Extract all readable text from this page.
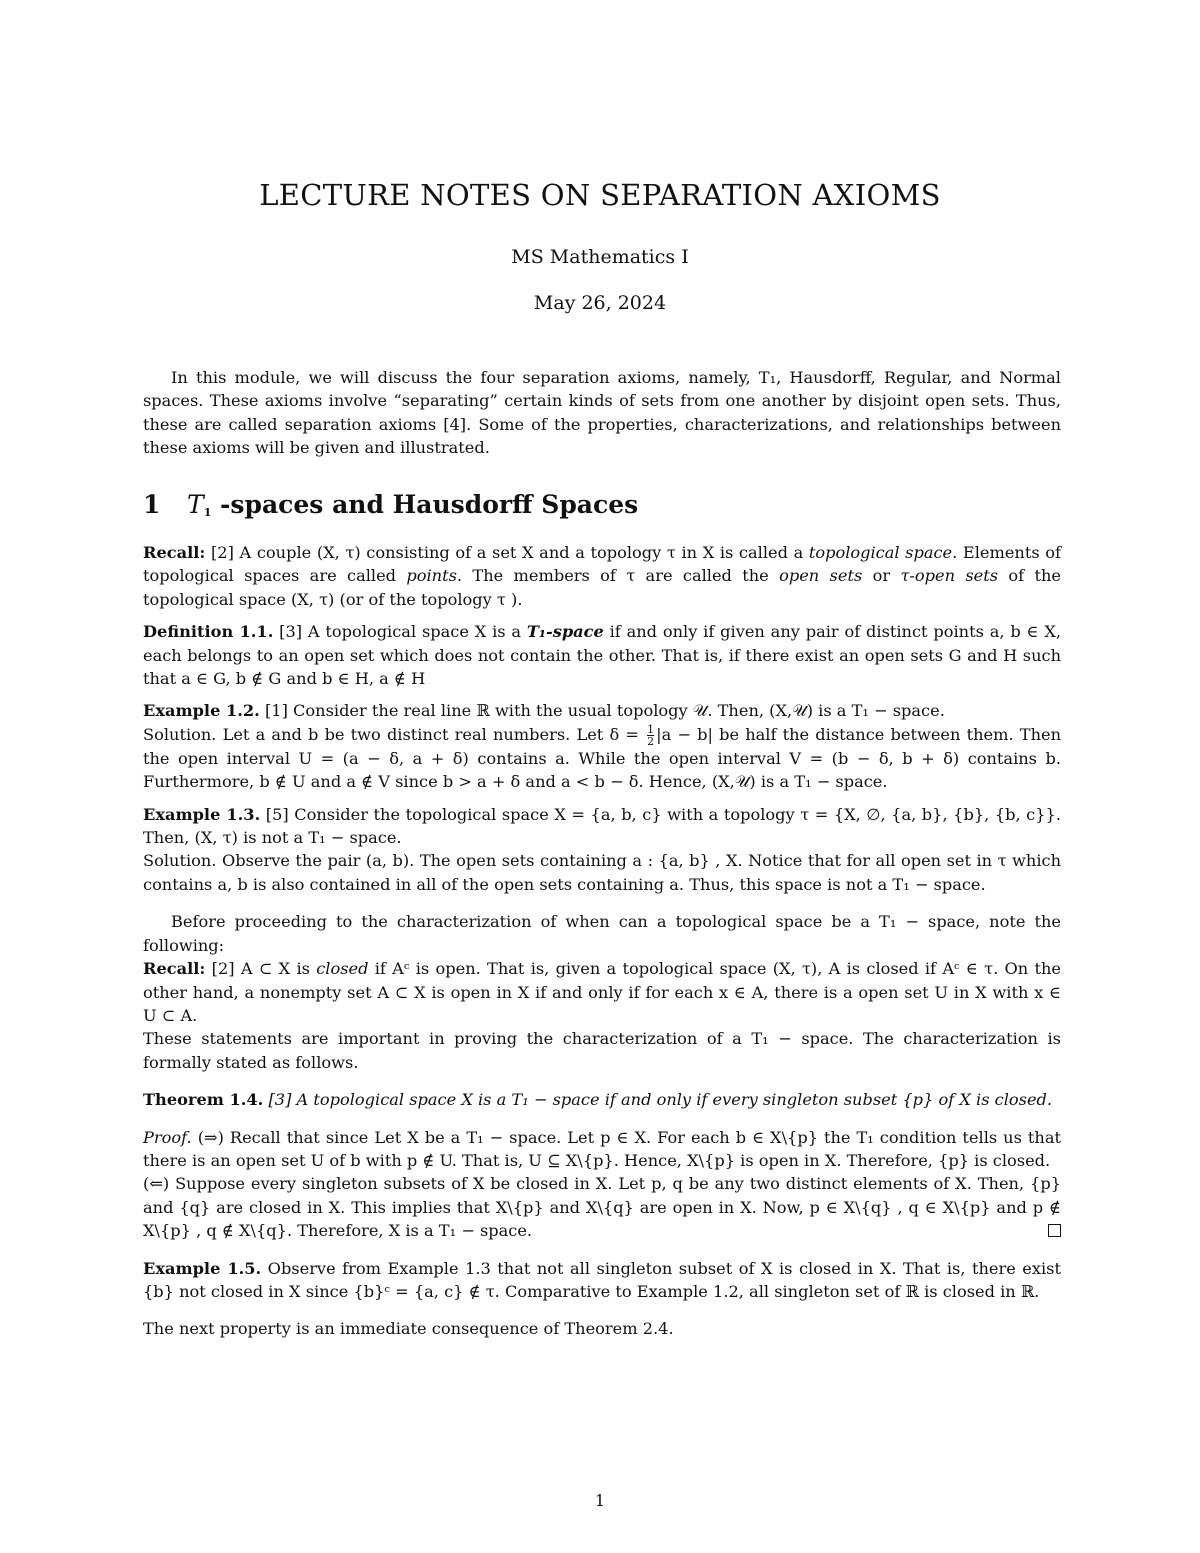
LECTURE NOTES ON SEPARATION AXIOMS
MS Mathematics I
May 26, 2024
In this module, we will discuss the four separation axioms, namely, T₁, Hausdorff, Regular, and Normal spaces. These axioms involve “separating” certain kinds of sets from one another by disjoint open sets. Thus, these are called separation axioms [4]. Some of the properties, characterizations, and relationships between these axioms will be given and illustrated.
1 $T_1$ -spaces and Hausdorff Spaces
Recall: [2] A couple (X, τ) consisting of a set X and a topology τ in X is called a topological space. Elements of topological spaces are called points. The members of τ are called the open sets or τ-open sets of the topological space (X, τ) (or of the topology τ ).
Definition 1.1. [3] A topological space X is a T₁-space if and only if given any pair of distinct points a, b ∈ X, each belongs to an open set which does not contain the other. That is, if there exist an open sets G and H such that a ∈ G, b ∉ G and b ∈ H, a ∉ H
Example 1.2. [1] Consider the real line ℝ with the usual topology 𝒰. Then, (X,𝒰) is a T₁ − space.
Solution. Let a and b be two distinct real numbers. Let $\delta = \frac{1}{2} |a - b|$ be half the distance between them. Then the open interval U = (a − δ, a + δ) contains a. While the open interval V = (b − δ, b + δ) contains b. Furthermore, b ∉ U and a ∉ V since b > a + δ and a < b − δ. Hence, (X,𝒰) is a T₁ − space.
Example 1.3. [5] Consider the topological space X = {a, b, c} with a topology τ = {X, ∅, {a, b}, {b}, {b, c}}. Then, (X, τ) is not a T₁ − space.
Solution. Observe the pair (a, b). The open sets containing a : {a, b} , X. Notice that for all open set in τ which contains a, b is also contained in all of the open sets containing a. Thus, this space is not a T₁ − space.
Before proceeding to the characterization of when can a topological space be a T₁ − space, note the following:
Recall: [2] A ⊂ X is closed if Aᶜ is open. That is, given a topological space (X, τ), A is closed if Aᶜ ∈ τ. On the other hand, a nonempty set A ⊂ X is open in X if and only if for each x ∈ A, there is a open set U in X with x ∈ U ⊂ A.
These statements are important in proving the characterization of a T₁ − space. The characterization is formally stated as follows.
Theorem 1.4. [3] A topological space X is a T₁ − space if and only if every singleton subset {p} of X is closed.
Proof. (⇒) Recall that since Let X be a T₁ − space. Let p ∈ X. For each b ∈ X\{p} the T₁ condition tells us that there is an open set U of b with p ∉ U. That is, U ⊆ X\{p}. Hence, X\{p} is open in X. Therefore, {p} is closed.
(⇐) Suppose every singleton subsets of X be closed in X. Let p, q be any two distinct elements of X. Then, {p} and {q} are closed in X. This implies that X\{p} and X\{q} are open in X. Now, p ∈ X\{q} , q ∈ X\{p} and p ∉ X\{p} , q ∉ X\{q}. Therefore, X is a T₁ − space.
Example 1.5. Observe from Example 1.3 that not all singleton subset of X is closed in X. That is, there exist {b} not closed in X since {b}ᶜ = {a, c} ∉ τ. Comparative to Example 1.2, all singleton set of ℝ is closed in ℝ.
The next property is an immediate consequence of Theorem 2.4.
1
